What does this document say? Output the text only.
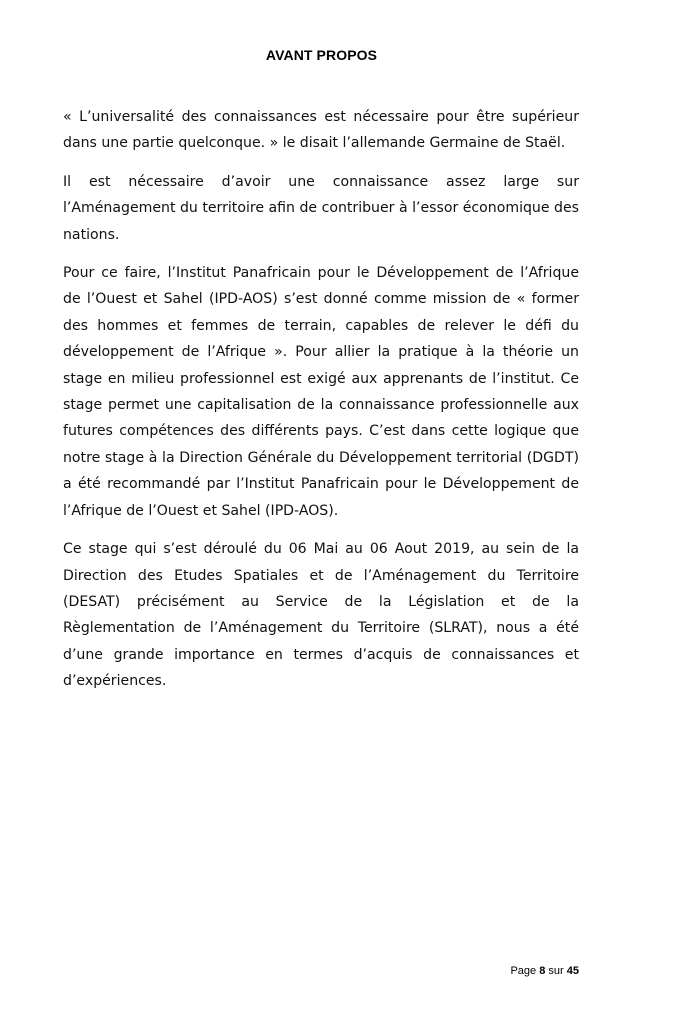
AVANT PROPOS

« L’universalité des connaissances est nécessaire pour être supérieur dans une partie quelconque. » le disait l’allemande Germaine de Staël.

Il est nécessaire d’avoir une connaissance assez large sur l’Aménagement du territoire afin de contribuer à l’essor économique des nations.

Pour ce faire, l’Institut Panafricain pour le Développement de l’Afrique de l’Ouest et Sahel (IPD-AOS) s’est donné comme mission de « former des hommes et femmes de terrain, capables de relever le défi du développement de l’Afrique ». Pour allier la pratique à la théorie un stage en milieu professionnel est exigé aux apprenants de l’institut. Ce stage permet une capitalisation de la connaissance professionnelle aux futures compétences des différents pays. C’est dans cette logique que notre stage à la Direction Générale du Développement territorial (DGDT) a été recommandé par l’Institut Panafricain pour le Développement de l’Afrique de l’Ouest et Sahel (IPD-AOS).

Ce stage qui s’est déroulé du 06 Mai au 06 Aout 2019, au sein de la Direction des Etudes Spatiales et de l’Aménagement du Territoire (DESAT) précisément au Service de la Législation et de la Règlementation de l’Aménagement du Territoire (SLRAT), nous a été d’une grande importance en termes d’acquis de connaissances et d’expériences.

Page 8 sur 45
